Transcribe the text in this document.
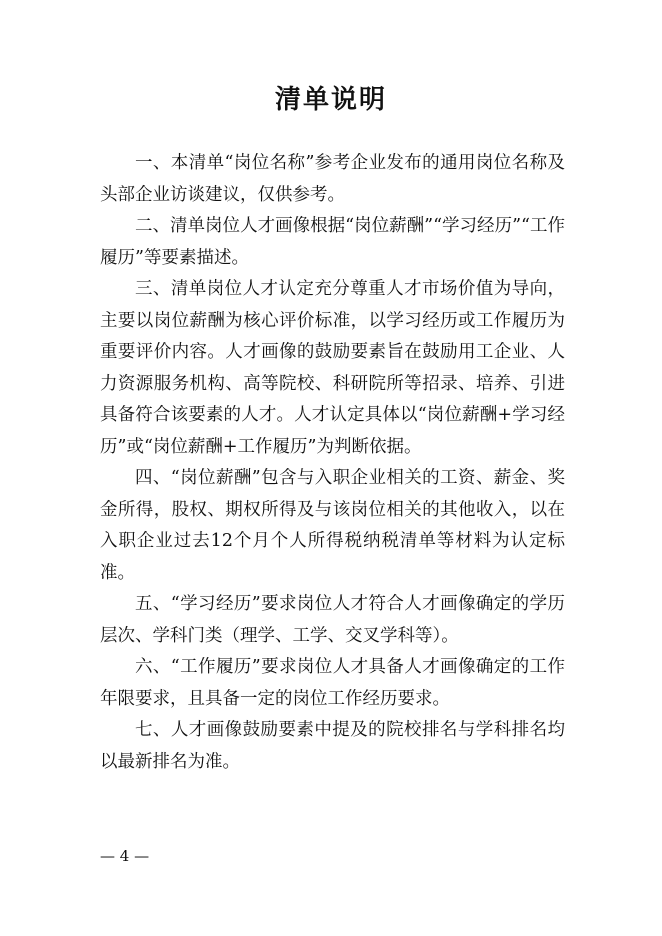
清单说明

一、本清单“岗位名称”参考企业发布的通用岗位名称及头部企业访谈建议，仅供参考。

二、清单岗位人才画像根据“岗位薪酬”“学习经历”“工作履历”等要素描述。

三、清单岗位人才认定充分尊重人才市场价值为导向，主要以岗位薪酬为核心评价标准，以学习经历或工作履历为重要评价内容。人才画像的鼓励要素旨在鼓励用工企业、人力资源服务机构、高等院校、科研院所等招录、培养、引进具备符合该要素的人才。人才认定具体以“岗位薪酬+学习经历”或“岗位薪酬+工作履历”为判断依据。

四、“岗位薪酬”包含与入职企业相关的工资、薪金、奖金所得，股权、期权所得及与该岗位相关的其他收入，以在入职企业过去12个月个人所得税纳税清单等材料为认定标准。

五、“学习经历”要求岗位人才符合人才画像确定的学历层次、学科门类（理学、工学、交叉学科等）。

六、“工作履历”要求岗位人才具备人才画像确定的工作年限要求，且具备一定的岗位工作经历要求。

七、人才画像鼓励要素中提及的院校排名与学科排名均以最新排名为准。

— 4 —
